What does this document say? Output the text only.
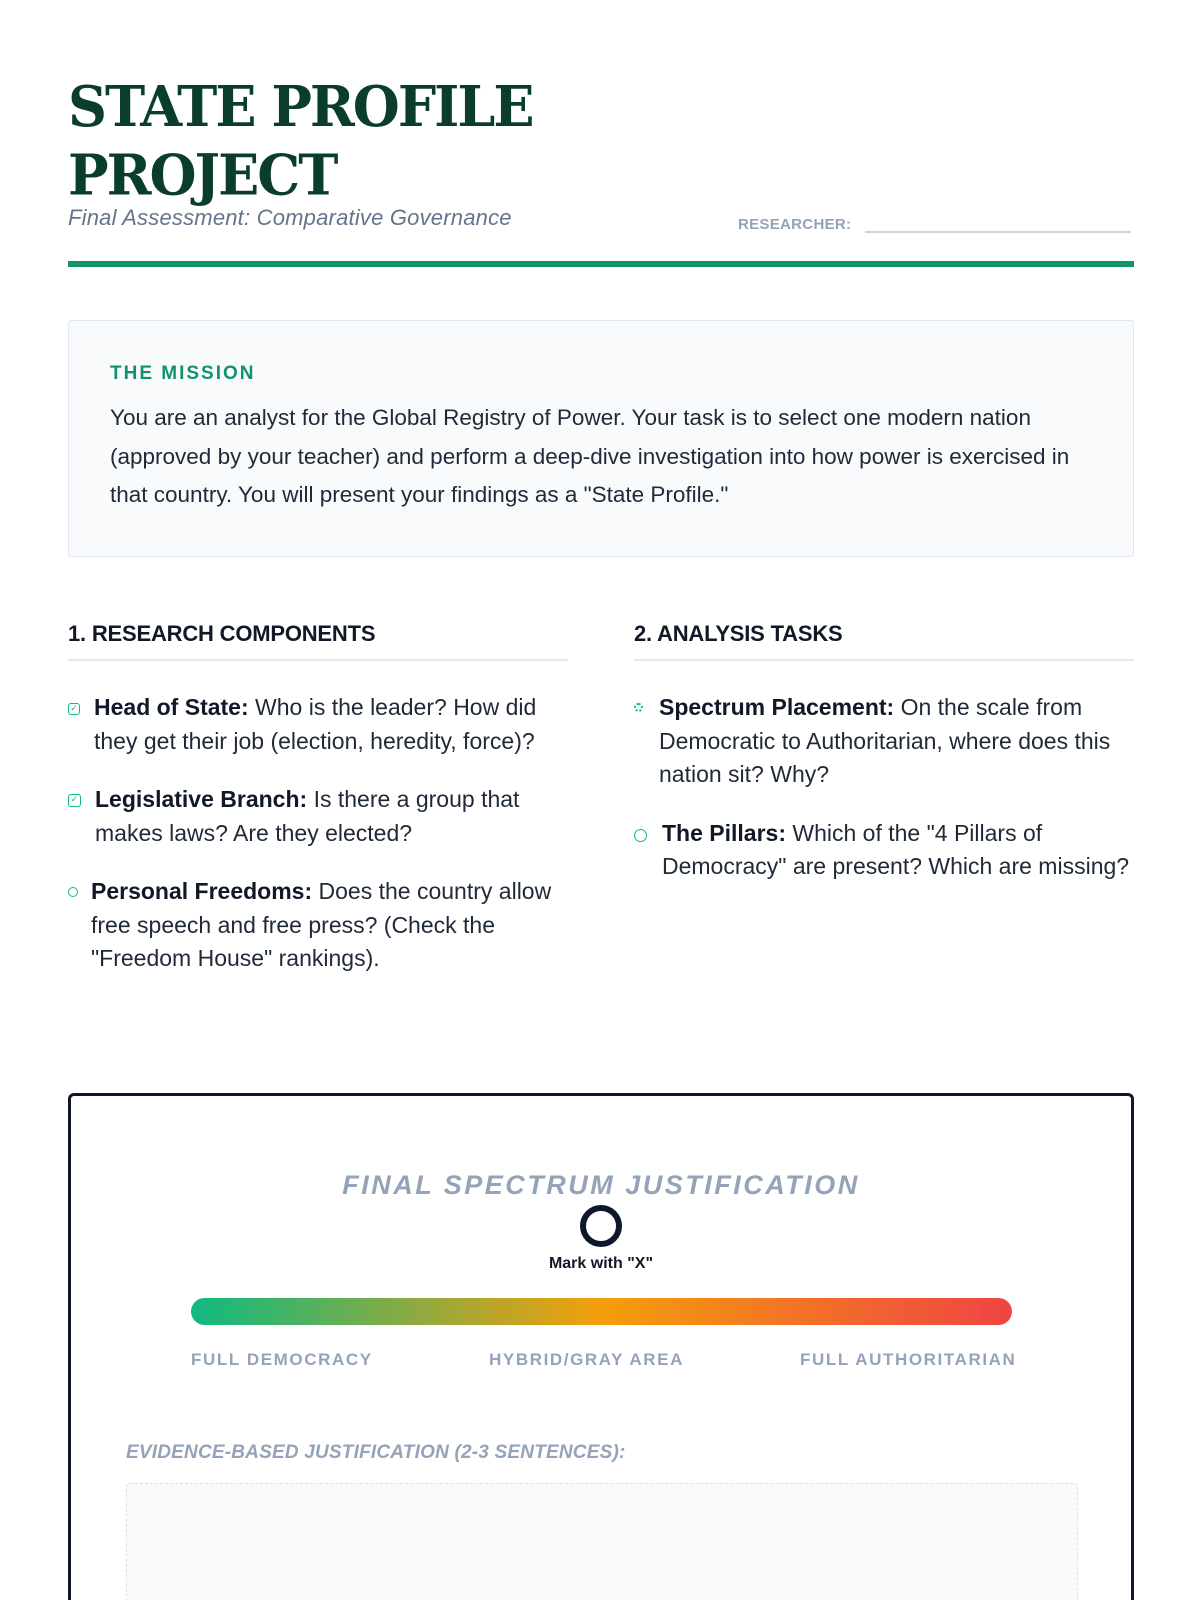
STATE PROFILE PROJECT
Final Assessment: Comparative Governance	RESEARCHER:
THE MISSION
You are an analyst for the Global Registry of Power. Your task is to select one modern nation (approved by your teacher) and perform a deep-dive investigation into how power is exercised in that country. You will present your findings as a "State Profile."
1. RESEARCH COMPONENTS
✓ Head of State: Who is the leader? How did they get their job (election, heredity, force)?
✓ Legislative Branch: Is there a group that makes laws? Are they elected?
Personal Freedoms: Does the country allow free speech and free press? (Check the "Freedom House" rankings).
2. ANALYSIS TASKS
Spectrum Placement: On the scale from Democratic to Authoritarian, where does this nation sit? Why?
The Pillars: Which of the "4 Pillars of Democracy" are present? Which are missing?
FINAL SPECTRUM JUSTIFICATION
Mark with "X"
FULL DEMOCRACY	HYBRID/GRAY AREA	FULL AUTHORITARIAN
EVIDENCE-BASED JUSTIFICATION (2-3 SENTENCES):
